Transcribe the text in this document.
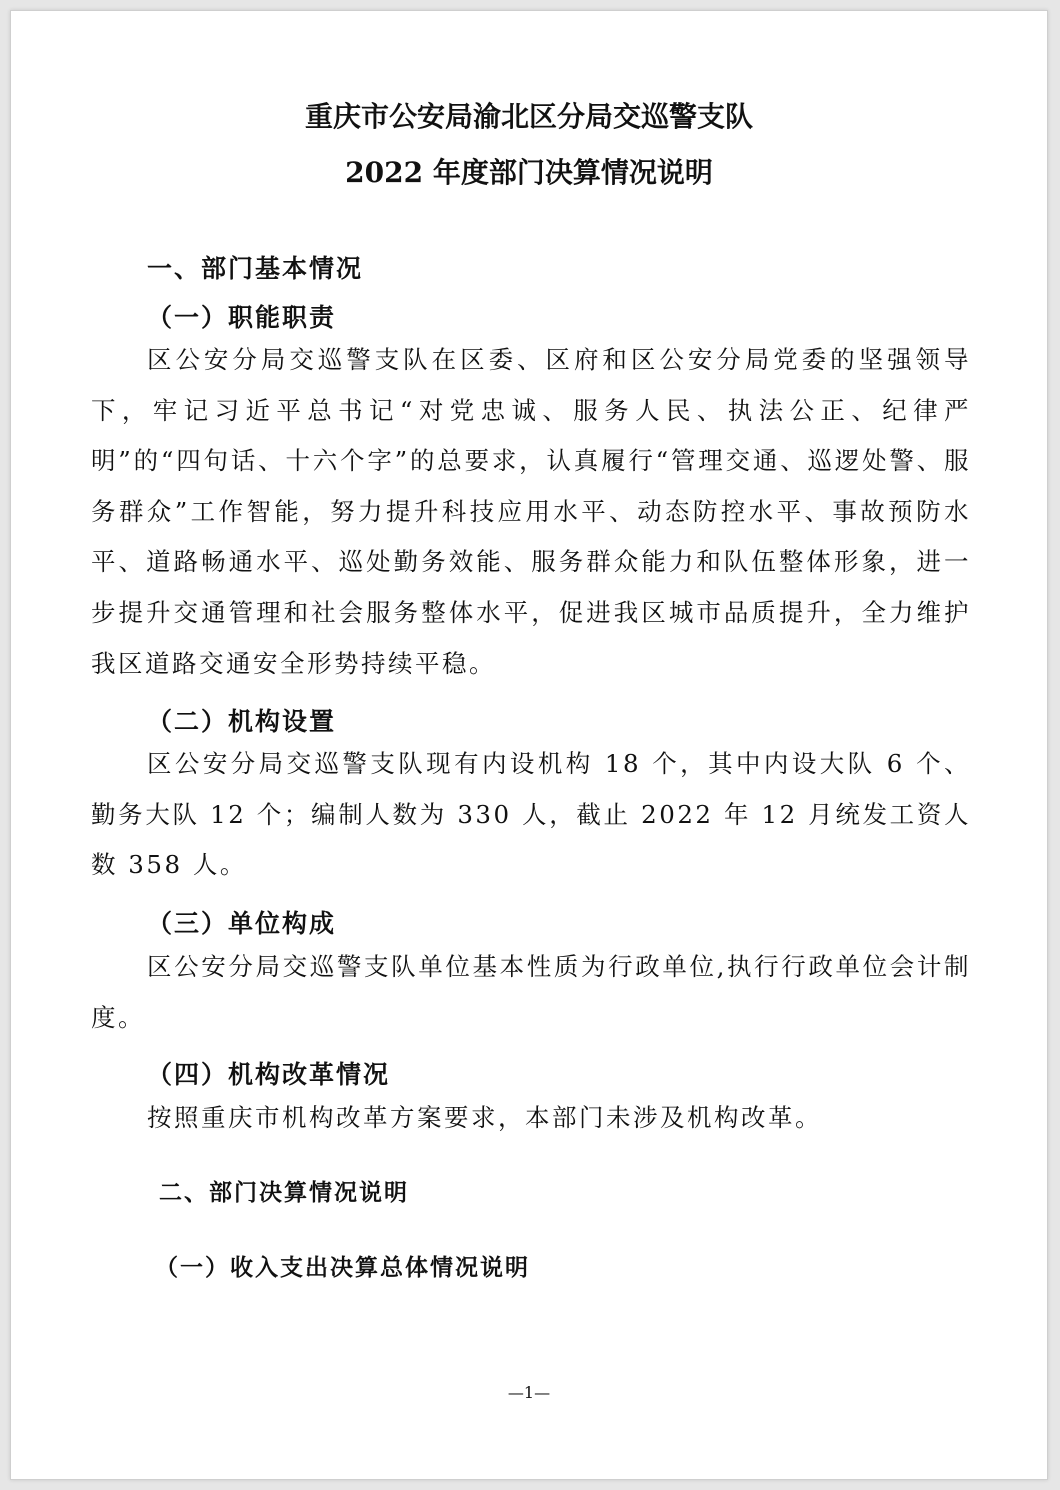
重庆市公安局渝北区分局交巡警支队
2022 年度部门决算情况说明
一、部门基本情况
（一）职能职责
区公安分局交巡警支队在区委、区府和区公安分局党委的坚强领导下，牢记习近平总书记“对党忠诚、服务人民、执法公正、纪律严明”的“四句话、十六个字”的总要求，认真履行“管理交通、巡逻处警、服务群众”工作智能，努力提升科技应用水平、动态防控水平、事故预防水平、道路畅通水平、巡处勤务效能、服务群众能力和队伍整体形象，进一步提升交通管理和社会服务整体水平，促进我区城市品质提升，全力维护我区道路交通安全形势持续平稳。
（二）机构设置
区公安分局交巡警支队现有内设机构 18 个，其中内设大队 6 个、勤务大队 12 个；编制人数为 330 人，截止 2022 年 12 月统发工资人数 358 人。
（三）单位构成
区公安分局交巡警支队单位基本性质为行政单位,执行行政单位会计制度。
（四）机构改革情况
按照重庆市机构改革方案要求，本部门未涉及机构改革。
二、部门决算情况说明
（一）收入支出决算总体情况说明
—1—
